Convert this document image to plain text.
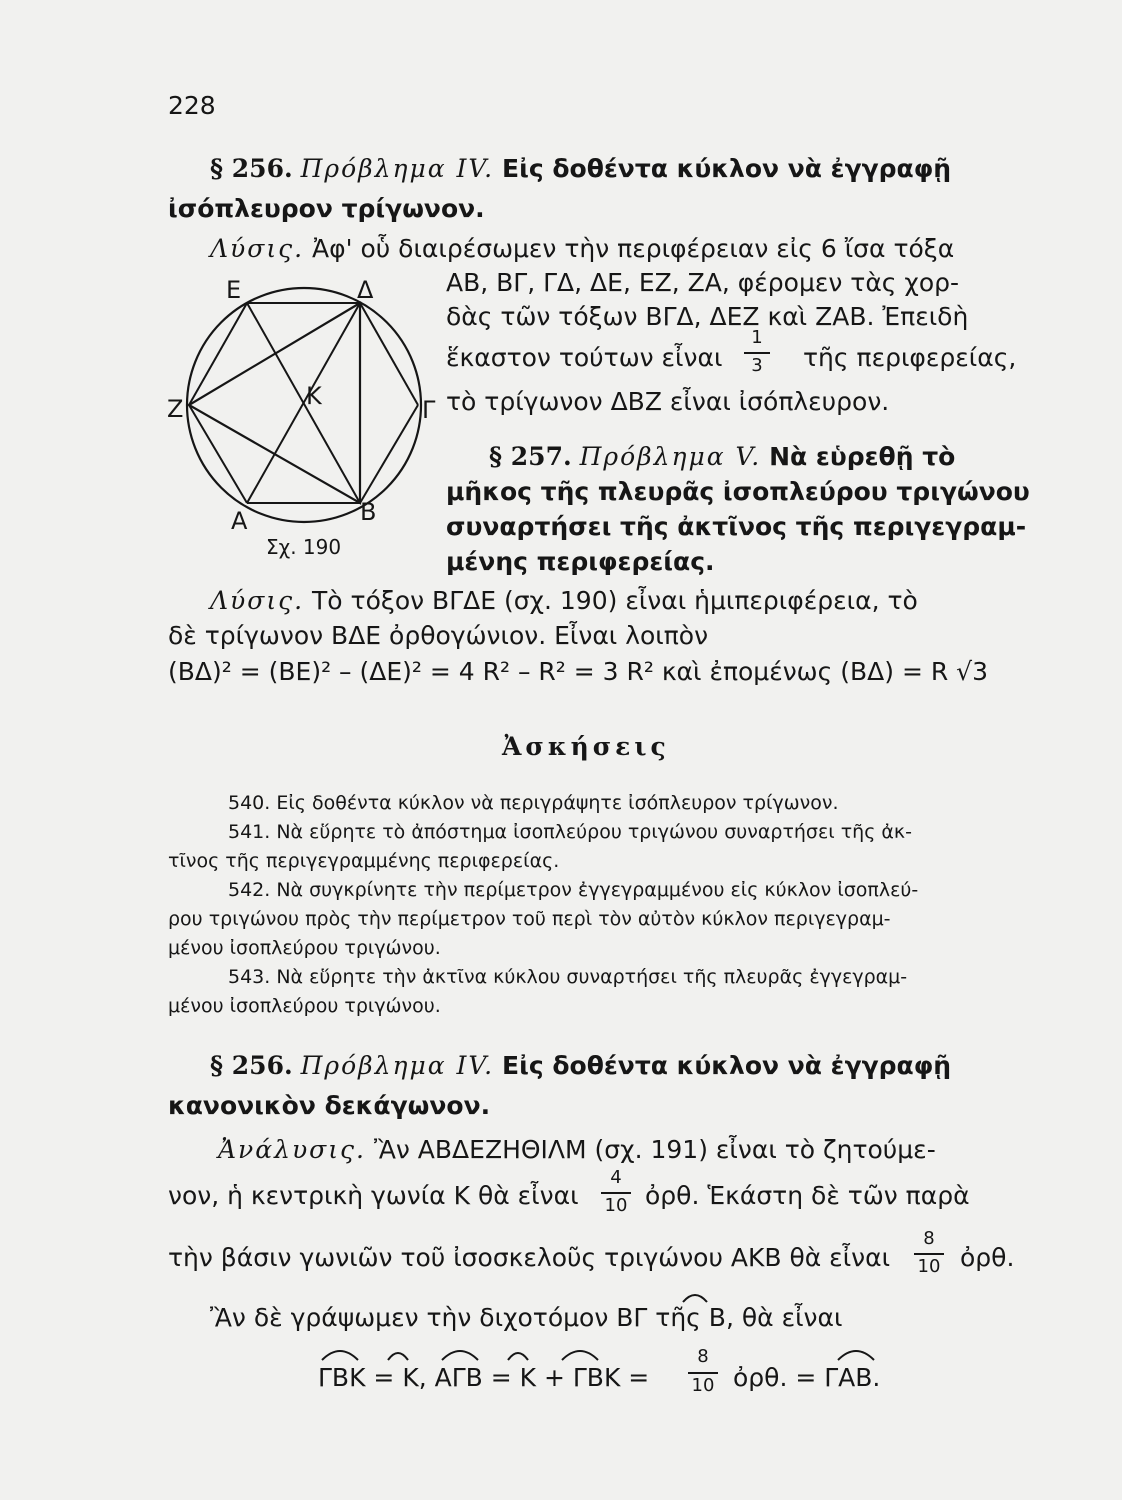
228
§ 256. Πρόβλημα IV. Εἰς δοθέντα κύκλον νὰ ἐγγραφῇ
ἰσόπλευρον τρίγωνον.
Λύσις. Ἀφ' οὗ διαιρέσωμεν τὴν περιφέρειαν εἰς 6 ἴσα τόξα
ΑΒ, ΒΓ, ΓΔ, ΔΕ, ΕΖ, ΖΑ, φέρομεν τὰς χορ-
δὰς τῶν τόξων ΒΓΔ, ΔΕΖ καὶ ΖΑΒ. Ἐπειδὴ
ἕκαστον τούτων εἶναι
1
3	τῆς περιφερείας,
τὸ τρίγωνον ΔΒΖ εἶναι ἰσόπλευρον.
Ε	Δ
Ζ	Κ	Γ
Α	Β
Σχ. 190
§ 257. Πρόβλημα V. Νὰ εὑρεθῇ τὸ
μῆκος τῆς πλευρᾶς ἰσοπλεύρου τριγώνου
συναρτήσει τῆς ἀκτῖνος τῆς περιγεγραμ-
μένης περιφερείας.
Λύσις. Τὸ τόξον ΒΓΔΕ (σχ. 190) εἶναι ἡμιπεριφέρεια, τὸ
δὲ τρίγωνον ΒΔΕ ὀρθογώνιον. Εἶναι λοιπὸν
(ΒΔ)² = (ΒΕ)² – (ΔΕ)² = 4 R² – R² = 3 R² καὶ ἐπομένως (ΒΔ) = R √3
Ἀσκήσεις
540. Εἰς δοθέντα κύκλον νὰ περιγράψητε ἰσόπλευρον τρίγωνον.
541. Νὰ εὕρητε τὸ ἀπόστημα ἰσοπλεύρου τριγώνου συναρτήσει τῆς ἀκ-
τῖνος τῆς περιγεγραμμένης περιφερείας.
542. Νὰ συγκρίνητε τὴν περίμετρον ἐγγεγραμμένου εἰς κύκλον ἰσοπλεύ-
ρου τριγώνου πρὸς τὴν περίμετρον τοῦ περὶ τὸν αὐτὸν κύκλον περιγεγραμ-
μένου ἰσοπλεύρου τριγώνου.
543. Νὰ εὕρητε τὴν ἀκτῖνα κύκλου συναρτήσει τῆς πλευρᾶς ἐγγεγραμ-
μένου ἰσοπλεύρου τριγώνου.
§ 256. Πρόβλημα IV. Εἰς δοθέντα κύκλον νὰ ἐγγραφῇ
κανονικὸν δεκάγωνον.
Ἀνάλυσις. Ἂν ΑΒΔΕΖΗΘΙΛΜ (σχ. 191) εἶναι τὸ ζητούμε-
νον, ἡ κεντρικὴ γωνία Κ θὰ εἶναι
4
10 ὀρθ. Ἑκάστη δὲ τῶν παρὰ
τὴν βάσιν γωνιῶν τοῦ ἰσοσκελοῦς τριγώνου ΑΚΒ θὰ εἶναι
8
10 ὀρθ.
Ἂν δὲ γράψωμεν τὴν διχοτόμον ΒΓ τῆς Β, θὰ εἶναι
ΓΒΚ = Κ, ΑΓΒ = Κ + ΓΒΚ =
8
10 ὀρθ. = ΓΑΒ.
